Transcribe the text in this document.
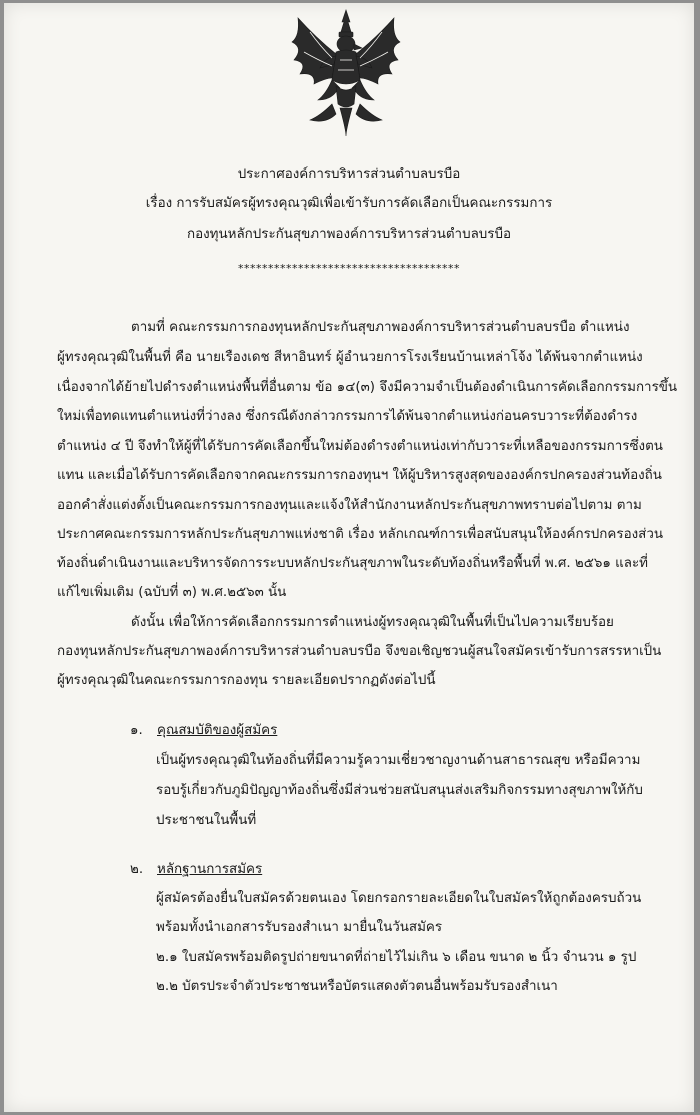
ประกาศองค์การบริหารส่วนตำบลบรบือ
เรื่อง การรับสมัครผู้ทรงคุณวุฒิเพื่อเข้ารับการคัดเลือกเป็นคณะกรรมการ
กองทุนหลักประกันสุขภาพองค์การบริหารส่วนตำบลบรบือ
*************************************
ตามที่ คณะกรรมการกองทุนหลักประกันสุขภาพองค์การบริหารส่วนตำบลบรบือ ตำแหน่ง
ผู้ทรงคุณวุฒิในพื้นที่ คือ นายเรืองเดช สีหาอินทร์ ผู้อำนวยการโรงเรียนบ้านเหล่าโจ้ง ได้พ้นจากตำแหน่ง
เนื่องจากได้ย้ายไปดำรงตำแหน่งพื้นที่อื่นตาม ข้อ ๑๔(๓) จึงมีความจำเป็นต้องดำเนินการคัดเลือกกรรมการขึ้น
ใหม่เพื่อทดแทนตำแหน่งที่ว่างลง ซึ่งกรณีดังกล่าวกรรมการได้พ้นจากตำแหน่งก่อนครบวาระที่ต้องดำรง
ตำแหน่ง ๔ ปี จึงทำให้ผู้ที่ได้รับการคัดเลือกขึ้นใหม่ต้องดำรงตำแหน่งเท่ากับวาระที่เหลือของกรรมการซึ่งตน
แทน และเมื่อได้รับการคัดเลือกจากคณะกรรมการกองทุนฯ ให้ผู้บริหารสูงสุดขององค์กรปกครองส่วนท้องถิ่น
ออกคำสั่งแต่งตั้งเป็นคณะกรรมการกองทุนและแจ้งให้สำนักงานหลักประกันสุขภาพทราบต่อไปตาม ตาม
ประกาศคณะกรรมการหลักประกันสุขภาพแห่งชาติ เรื่อง หลักเกณฑ์การเพื่อสนับสนุนให้องค์กรปกครองส่วน
ท้องถิ่นดำเนินงานและบริหารจัดการระบบหลักประกันสุขภาพในระดับท้องถิ่นหรือพื้นที่ พ.ศ. ๒๕๖๑ และที่
แก้ไขเพิ่มเติม (ฉบับที่ ๓) พ.ศ.๒๕๖๓ นั้น
ดังนั้น เพื่อให้การคัดเลือกกรรมการตำแหน่งผู้ทรงคุณวุฒิในพื้นที่เป็นไปความเรียบร้อย
กองทุนหลักประกันสุขภาพองค์การบริหารส่วนตำบลบรบือ จึงขอเชิญชวนผู้สนใจสมัครเข้ารับการสรรหาเป็น
ผู้ทรงคุณวุฒิในคณะกรรมการกองทุน รายละเอียดปรากฏดังต่อไปนี้
๑. คุณสมบัติของผู้สมัคร
เป็นผู้ทรงคุณวุฒิในท้องถิ่นที่มีความรู้ความเชี่ยวชาญงานด้านสาธารณสุข หรือมีความ
รอบรู้เกี่ยวกับภูมิปัญญาท้องถิ่นซึ่งมีส่วนช่วยสนับสนุนส่งเสริมกิจกรรมทางสุขภาพให้กับ
ประชาชนในพื้นที่
๒. หลักฐานการสมัคร
ผู้สมัครต้องยื่นใบสมัครด้วยตนเอง โดยกรอกรายละเอียดในใบสมัครให้ถูกต้องครบถ้วน
พร้อมทั้งนำเอกสารรับรองสำเนา มายื่นในวันสมัคร
๒.๑ ใบสมัครพร้อมติดรูปถ่ายขนาดที่ถ่ายไว้ไม่เกิน ๖ เดือน ขนาด ๒ นิ้ว จำนวน ๑ รูป
๒.๒ บัตรประจำตัวประชาชนหรือบัตรแสดงตัวตนอื่นพร้อมรับรองสำเนา
